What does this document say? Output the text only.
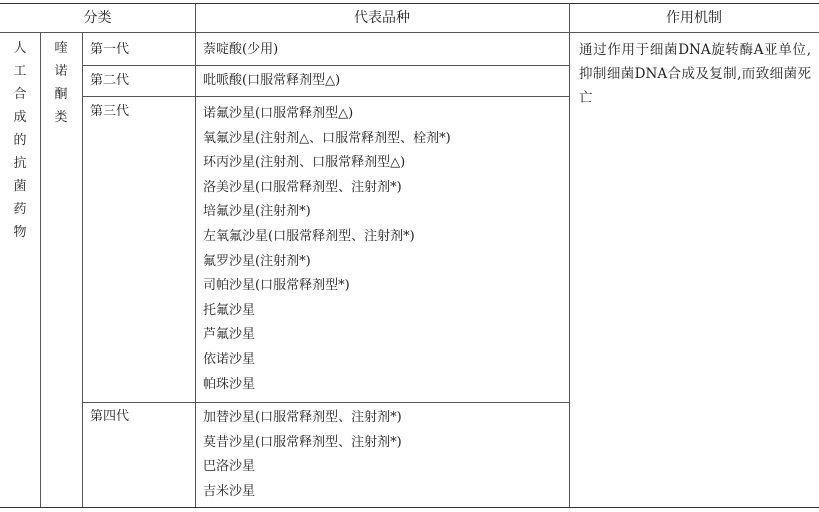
分类	代表品种	作用机制
人工合成的抗菌药物
喹诺酮类
第一代
第二代
第三代
第四代
萘啶酸(少用)
吡哌酸(口服常释剂型△)
诺氟沙星(口服常释剂型△)
氧氟沙星(注射剂△、口服常释剂型、栓剂*)
环丙沙星(注射剂、口服常释剂型△)
洛美沙星(口服常释剂型、注射剂*)
培氟沙星(注射剂*)
左氧氟沙星(口服常释剂型、注射剂*)
氟罗沙星(注射剂*)
司帕沙星(口服常释剂型*)
托氟沙星
芦氟沙星
依诺沙星
帕珠沙星
加替沙星(口服常释剂型、注射剂*)
莫昔沙星(口服常释剂型、注射剂*)
巴洛沙星
吉米沙星
通过作用于细菌DNA旋转酶A亚单位,抑制细菌DNA合成及复制,而致细菌死亡
